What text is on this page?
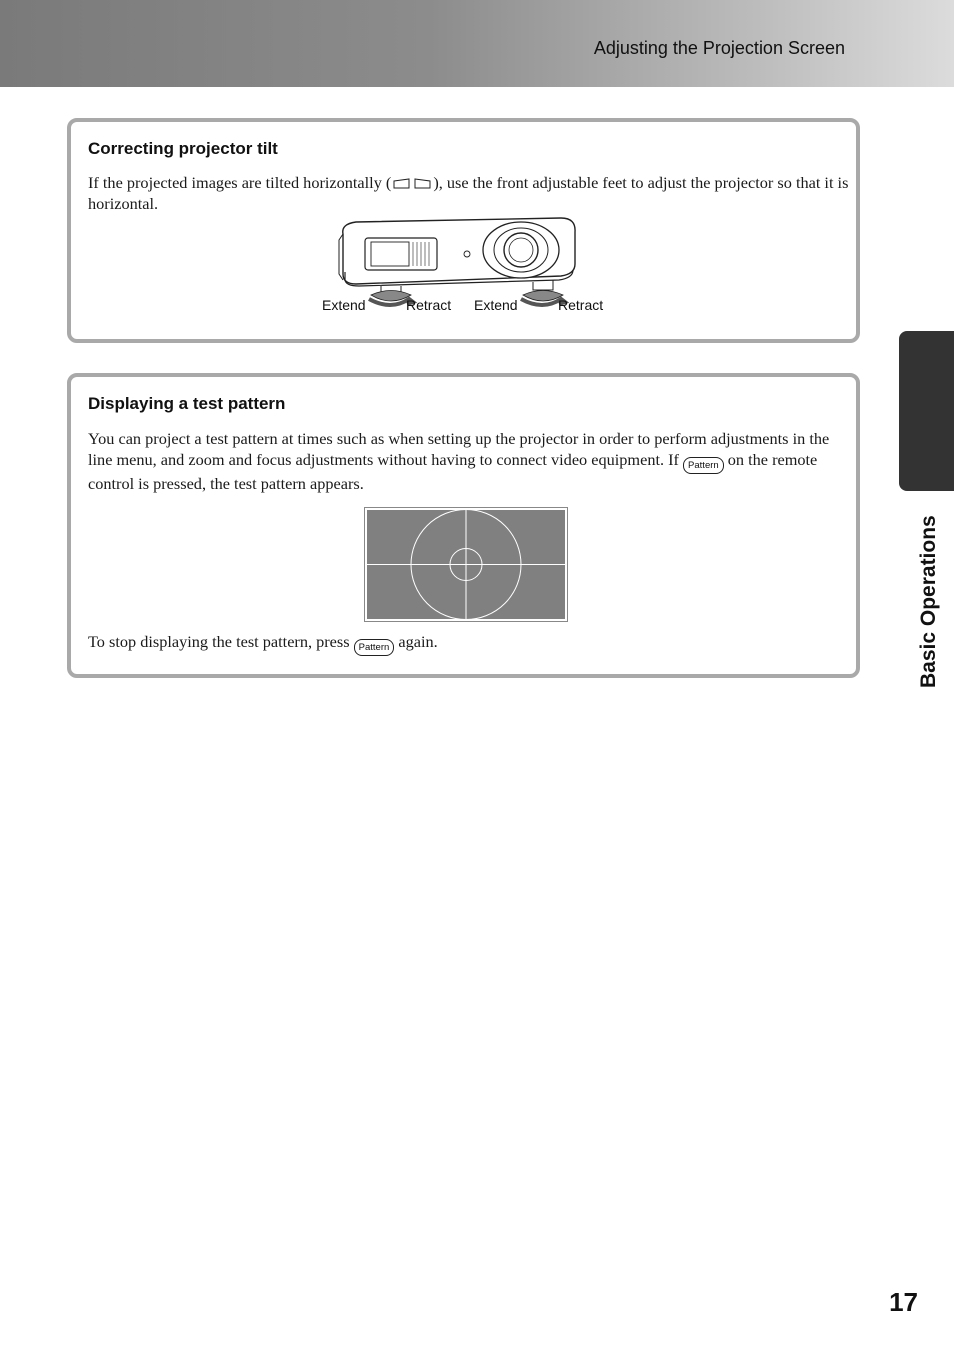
Adjusting the Projection Screen
Correcting projector tilt
If the projected images are tilted horizontally (	), use the front adjustable feet to adjust the projector so that it is horizontal.
Extend	Retract Extend	Retract
Displaying a test pattern
You can project a test pattern at times such as when setting up the projector in order to perform adjustments in the line menu, and zoom and focus adjustments without having to connect video equipment. If Pattern on the remote control is pressed, the test pattern appears.
To stop displaying the test pattern, press Pattern again.	Basic Operations
17
